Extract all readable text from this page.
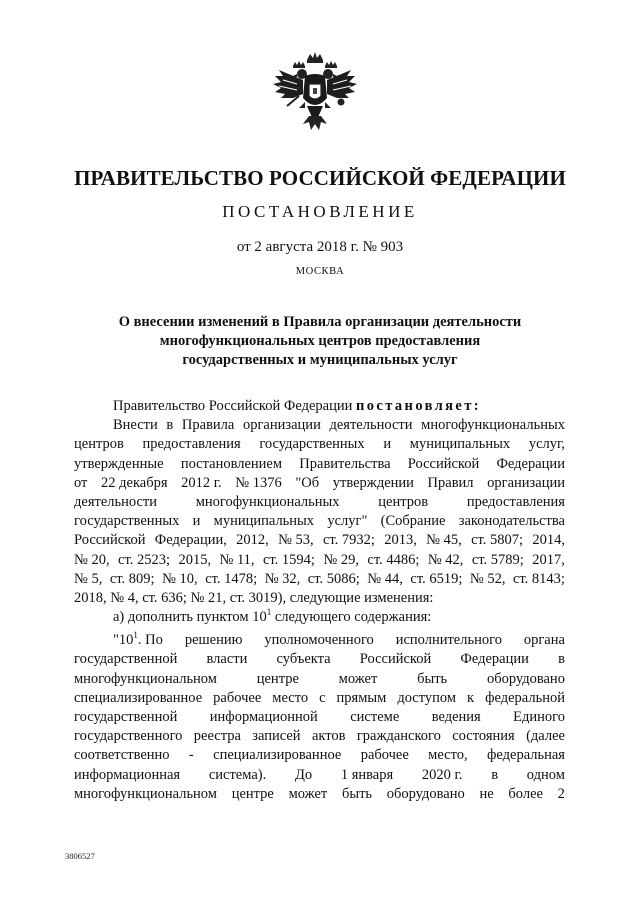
ПРАВИТЕЛЬСТВО РОССИЙСКОЙ ФЕДЕРАЦИИ
ПОСТАНОВЛЕНИЕ
от 2 августа 2018 г. № 903
МОСКВА
О внесении изменений в Правила организации деятельности
многофункциональных центров предоставления
государственных и муниципальных услуг
Правительство Российской Федерации постановляет:
Внести в Правила организации деятельности многофункциональных
центров предоставления государственных и муниципальных услуг,
утвержденные постановлением Правительства Российской Федерации
от 22 декабря 2012 г. № 1376 "Об утверждении Правил организации
деятельности	многофункциональных	центров	предоставления
государственных и муниципальных услуг" (Собрание законодательства
Российской Федерации, 2012, № 53, ст. 7932; 2013, № 45, ст. 5807; 2014,
№ 20, ст. 2523; 2015, № 11, ст. 1594; № 29, ст. 4486; № 42, ст. 5789; 2017,
№ 5, ст. 809; № 10, ст. 1478; № 32, ст. 5086; № 44, ст. 6519; № 52, ст. 8143;
2018, № 4, ст. 636; № 21, ст. 3019), следующие изменения:
а) дополнить пунктом $10^1$ следующего содержания:
"$10^1$. По решению уполномоченного исполнительного органа
государственной власти субъекта Российской Федерации в
многофункциональном	центре	может	быть	оборудовано
специализированное рабочее место с прямым доступом к федеральной
государственной информационной системе ведения Единого
государственного реестра записей актов гражданского состояния (далее
соответственно - специализированное рабочее место, федеральная
информационная система). До 1 января 2020 г. в одном
многофункциональном центре может быть оборудовано не более 2
3806527
